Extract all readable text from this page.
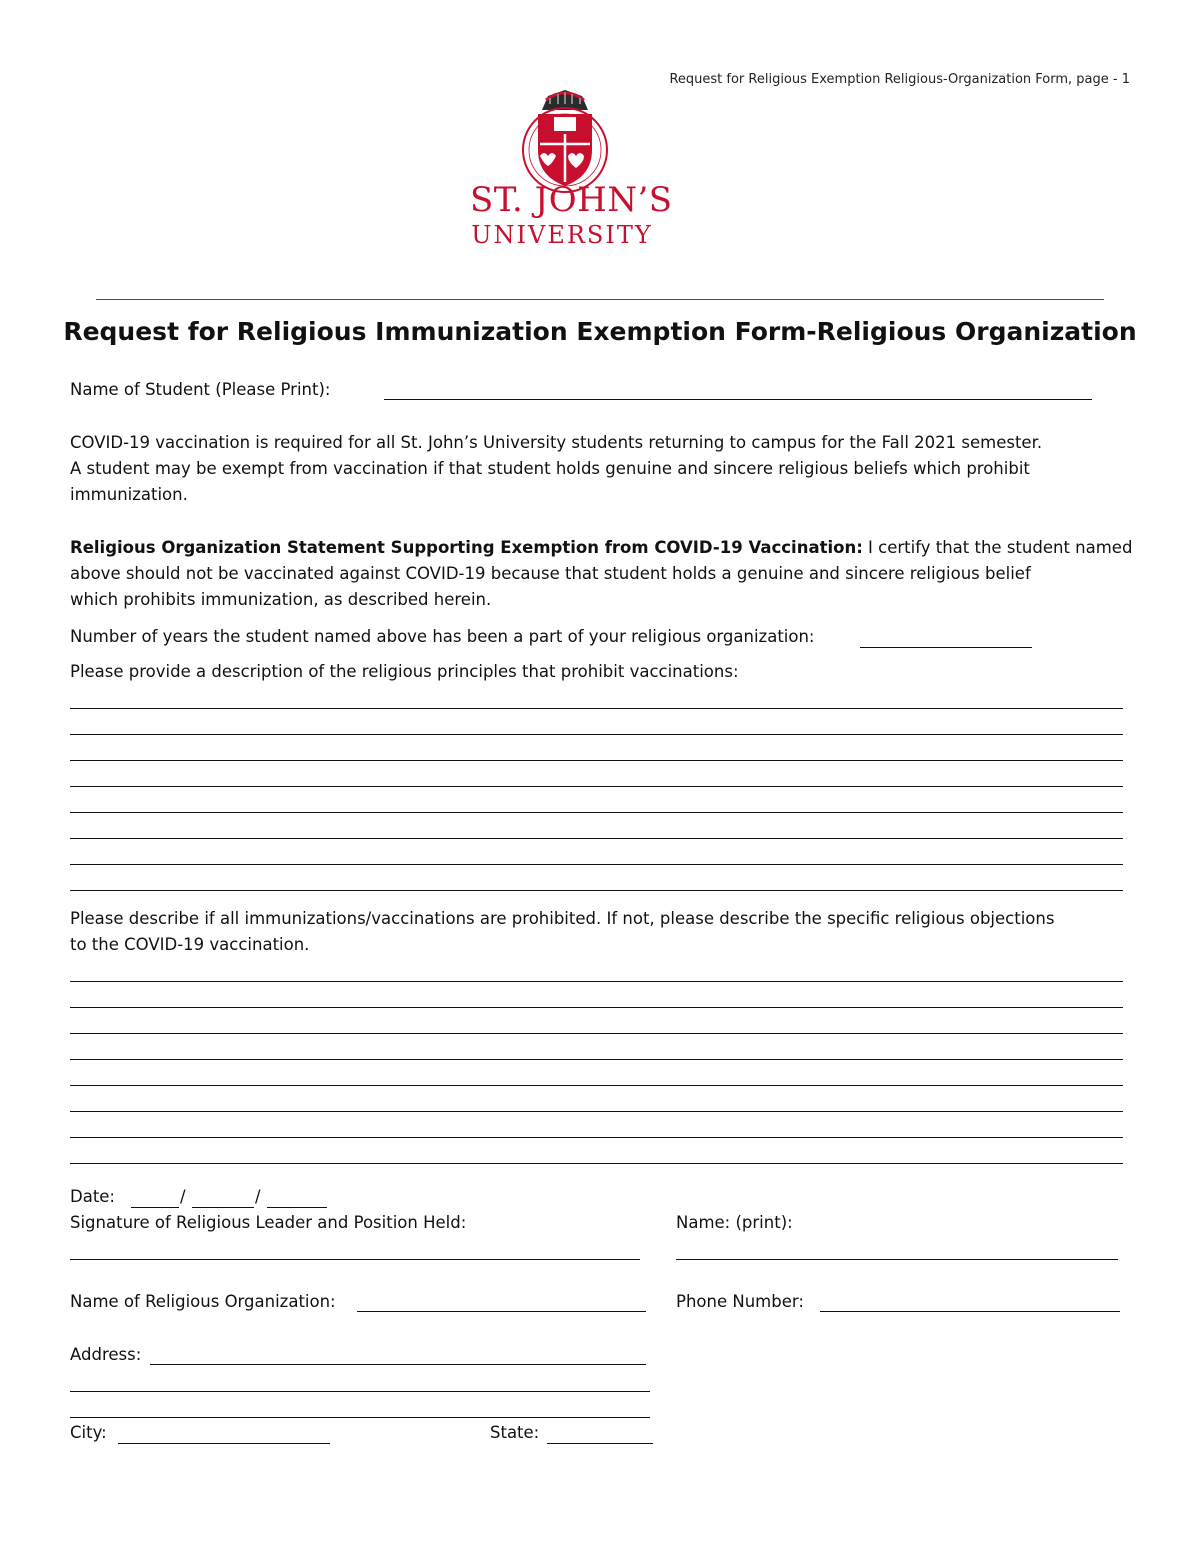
Request for Religious Exemption Religious-Organization Form, page - 1
ST. JOHN’S
UNIVERSITY
Request for Religious Immunization Exemption Form-Religious Organization
Name of Student (Please Print):
COVID-19 vaccination is required for all St. John’s University students returning to campus for the Fall 2021 semester.
A student may be exempt from vaccination if that student holds genuine and sincere religious beliefs which prohibit
immunization.
Religious Organization Statement Supporting Exemption from COVID-19 Vaccination: I certify that the student named
above should not be vaccinated against COVID-19 because that student holds a genuine and sincere religious belief
which prohibits immunization, as described herein.
Number of years the student named above has been a part of your religious organization:
Please provide a description of the religious principles that prohibit vaccinations:
Please describe if all immunizations/vaccinations are prohibited. If not, please describe the specific religious objections
to the COVID-19 vaccination.
Date:	/	/
Signature of Religious Leader and Position Held:	Name: (print):
Name of Religious Organization:	Phone Number:
Address:
City:	State:
